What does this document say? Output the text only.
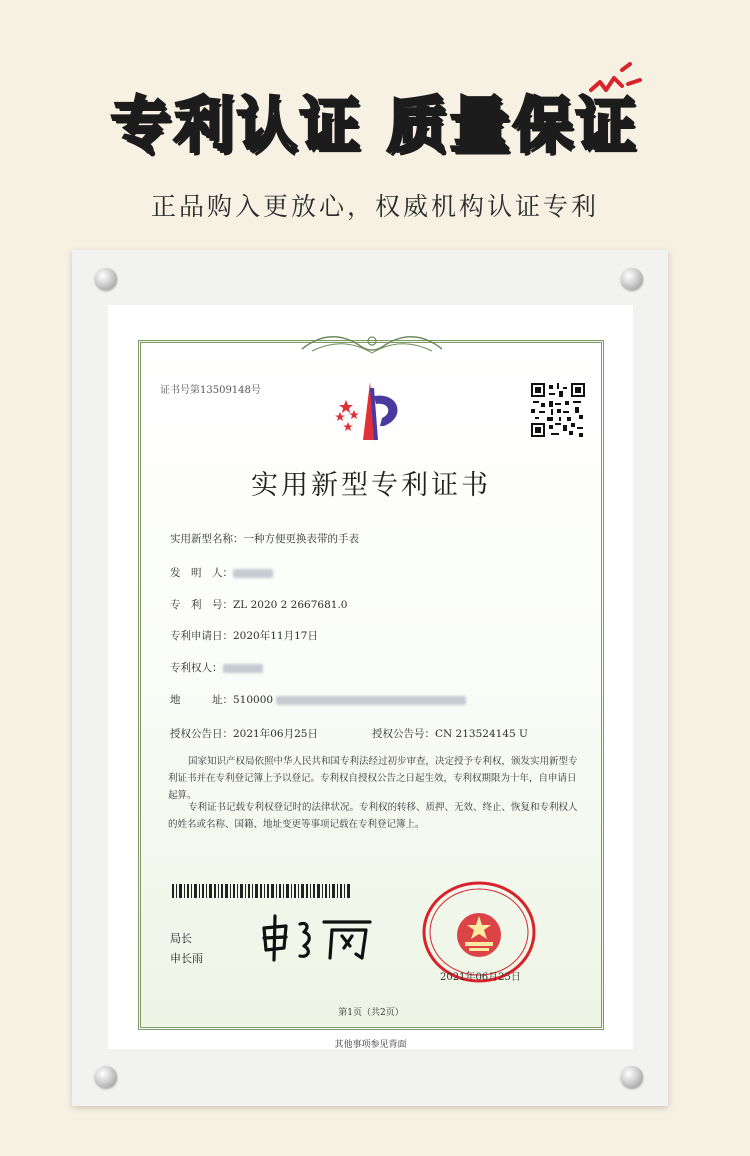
专利认证 质量保证
正品购入更放心，权威机构认证专利
证书号第13509148号
实用新型专利证书
实用新型名称：一种方便更换表带的手表
发　明　人：
专　利　号：ZL 2020 2 2667681.0
专利申请日：2020年11月17日
专利权人：
地　　　址：510000
授权公告日：2021年06月25日	授权公告号：CN 213524145 U

国家知识产权局依照中华人民共和国专利法经过初步审查，决定授予专利权，颁发实用新型专利证书并在专利登记簿上予以登记。专利权自授权公告之日起生效，专利权期限为十年，自申请日起算。

专利证书记载专利权登记时的法律状况。专利权的转移、质押、无效、终止、恢复和专利权人的姓名或名称、国籍、地址变更等事项记载在专利登记簿上。

局长
申长雨
2021年06月25日
第1页（共2页）
其他事项参见背面
